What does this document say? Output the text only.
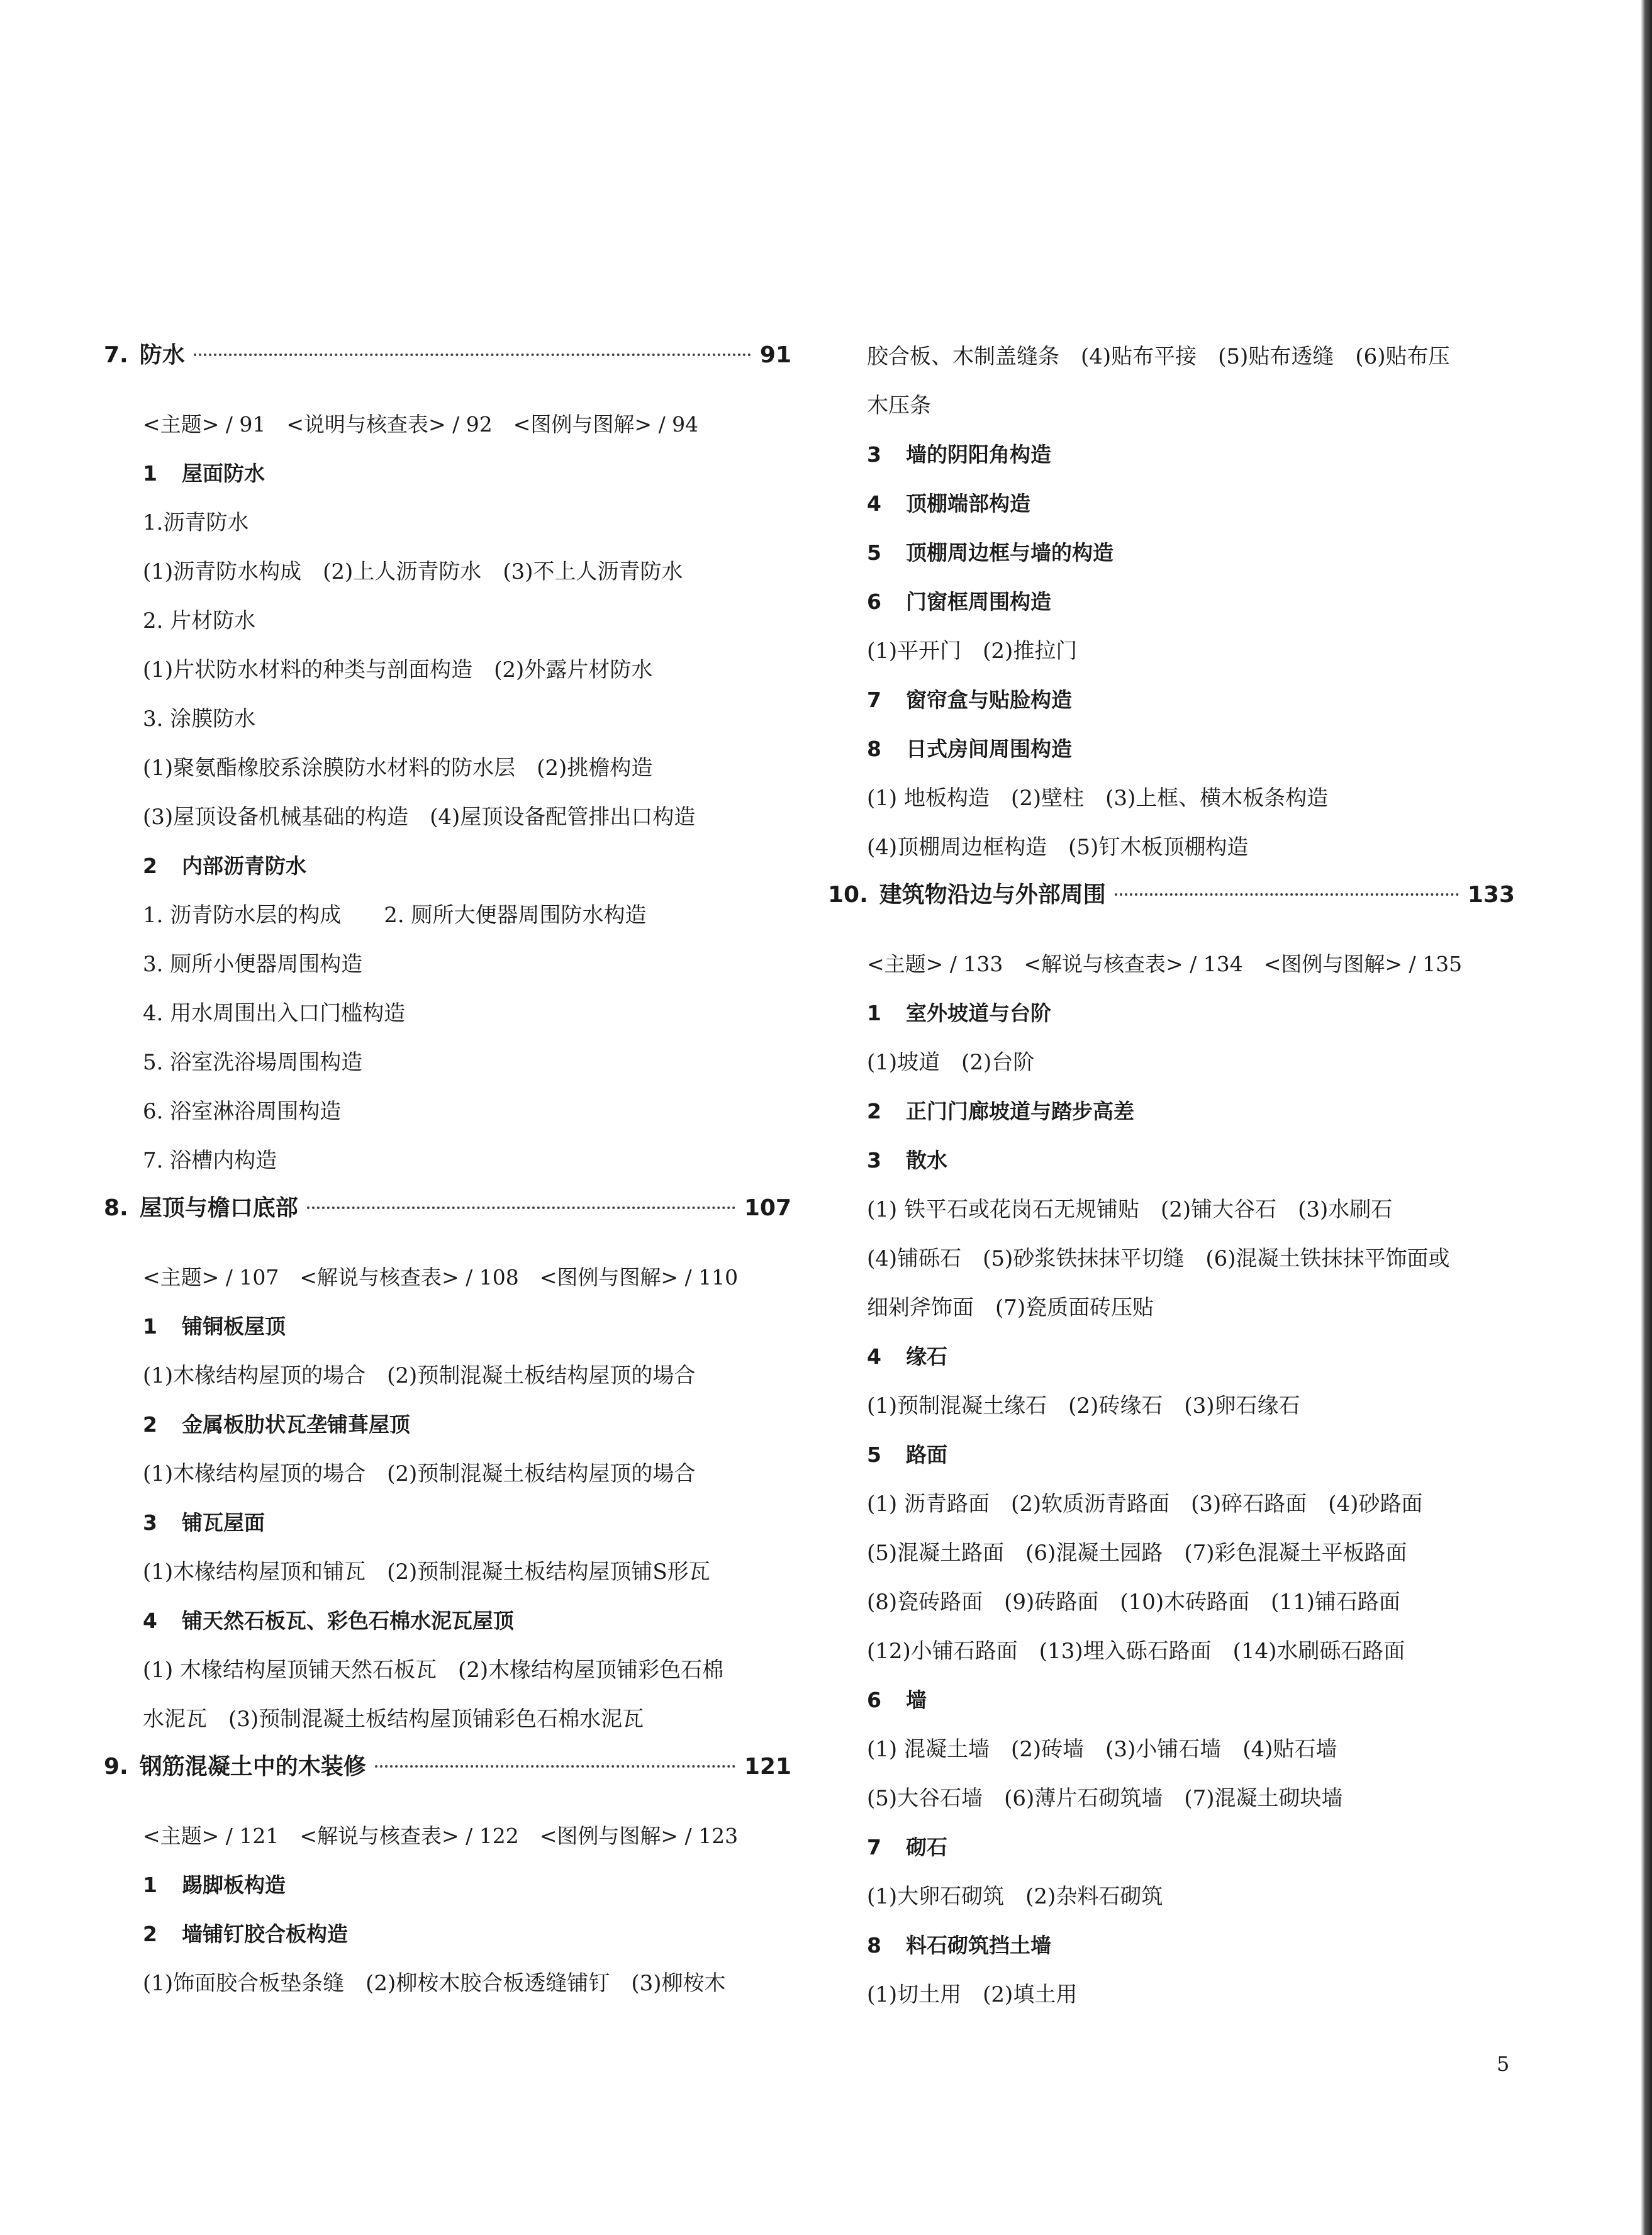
7. 防水	91
<主题> / 91　<说明与核查表> / 92　<图例与图解> / 94
1 屋面防水
1.沥青防水
(1)沥青防水构成　(2)上人沥青防水　(3)不上人沥青防水
2. 片材防水
(1)片状防水材料的种类与剖面构造　(2)外露片材防水
3. 涂膜防水
(1)聚氨酯橡胶系涂膜防水材料的防水层　(2)挑檐构造
(3)屋顶设备机械基础的构造　(4)屋顶设备配管排出口构造
2 内部沥青防水
1. 沥青防水层的构成　　2. 厕所大便器周围防水构造
3. 厕所小便器周围构造
4. 用水周围出入口门槛构造
5. 浴室洗浴場周围构造
6. 浴室淋浴周围构造
7. 浴槽内构造
8. 屋顶与檐口底部	107
<主题> / 107　<解说与核查表> / 108　<图例与图解> / 110
1 铺铜板屋顶
(1)木椽结构屋顶的場合　(2)预制混凝土板结构屋顶的場合
2 金属板肋状瓦垄铺葺屋顶
(1)木椽结构屋顶的場合　(2)预制混凝土板结构屋顶的場合
3 铺瓦屋面
(1)木椽结构屋顶和铺瓦　(2)预制混凝土板结构屋顶铺S形瓦
4 铺天然石板瓦、彩色石棉水泥瓦屋顶
(1) 木椽结构屋顶铺天然石板瓦　(2)木椽结构屋顶铺彩色石棉
水泥瓦　(3)预制混凝土板结构屋顶铺彩色石棉水泥瓦
9. 钢筋混凝土中的木装修	121
<主题> / 121　<解说与核查表> / 122　<图例与图解> / 123
1 踢脚板构造
2 墙铺钉胶合板构造
(1)饰面胶合板垫条缝　(2)柳桉木胶合板透缝铺钉　(3)柳桉木
胶合板、木制盖缝条　(4)贴布平接　(5)贴布透缝　(6)贴布压
木压条
3 墙的阴阳角构造
4 顶棚端部构造
5 顶棚周边框与墙的构造
6 门窗框周围构造
(1)平开门　(2)推拉门
7 窗帘盒与贴脸构造
8 日式房间周围构造
(1) 地板构造　(2)壁柱　(3)上框、横木板条构造
(4)顶棚周边框构造　(5)钉木板顶棚构造
10. 建筑物沿边与外部周围	133
<主题> / 133　<解说与核查表> / 134　<图例与图解> / 135
1 室外坡道与台阶
(1)坡道　(2)台阶
2 正门门廊坡道与踏步高差
3 散水
(1) 铁平石或花岗石无规铺贴　(2)铺大谷石　(3)水刷石
(4)铺砾石　(5)砂浆铁抹抹平切缝　(6)混凝土铁抹抹平饰面或
细剁斧饰面　(7)瓷质面砖压贴
4 缘石
(1)预制混凝土缘石　(2)砖缘石　(3)卵石缘石
5 路面
(1) 沥青路面　(2)软质沥青路面　(3)碎石路面　(4)砂路面
(5)混凝土路面　(6)混凝土园路　(7)彩色混凝土平板路面
(8)瓷砖路面　(9)砖路面　(10)木砖路面　(11)铺石路面
(12)小铺石路面　(13)埋入砾石路面　(14)水刷砾石路面
6 墙
(1) 混凝土墙　(2)砖墙　(3)小铺石墙　(4)贴石墙
(5)大谷石墙　(6)薄片石砌筑墙　(7)混凝土砌块墙
7 砌石
(1)大卵石砌筑　(2)杂料石砌筑
8 料石砌筑挡土墙
(1)切土用　(2)填土用
5
